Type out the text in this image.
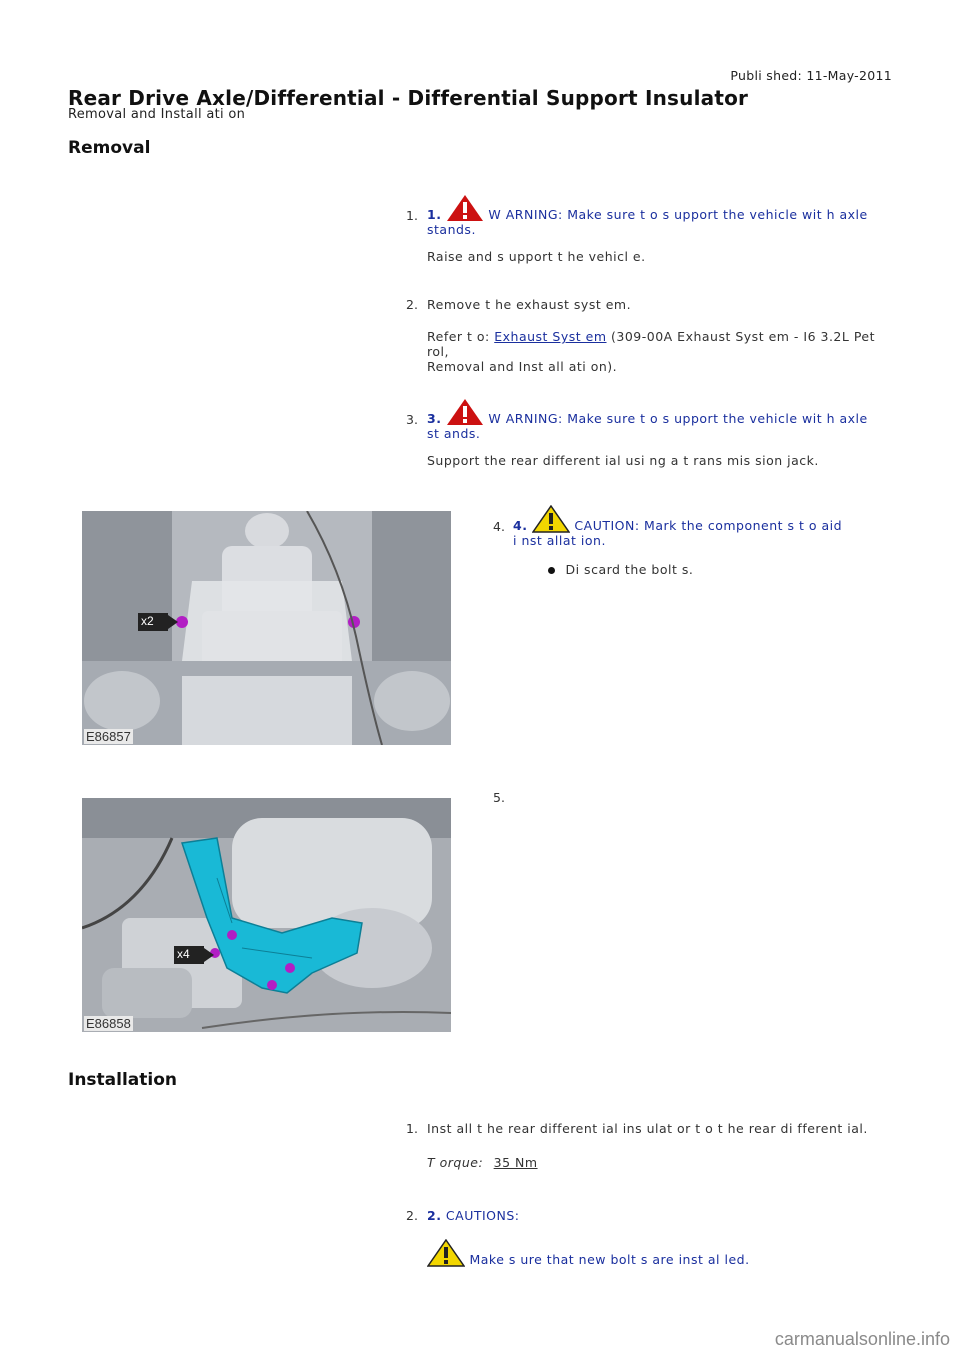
Publi shed: 11-May-2011
Rear Drive Axle/Differential - Differential Support Insulator
Removal and Install ati on
Removal
1. 1.	W ARNING: Make sure t o s upport the vehicle wit h axle
stands.
Raise and s upport t he vehicl e.
2. Remove t he exhaust syst em.
Refer t o: Exhaust Syst em (309-00A Exhaust Syst em - I6 3.2L Pet rol,
Removal and Inst all ati on).
3. 3.	W ARNING: Make sure t o s upport the vehicle wit h axle
st ands.
Support the rear different ial usi ng a t rans mis sion jack.
x2
E86857
4. 4.	CAUTION: Mark the component s t o aid
i nst allat ion.
Di scard the bolt s.
x4
E86858
5.
Installation
1. Inst all t he rear different ial ins ulat or t o t he rear di fferent ial.
T orque: 35 Nm
2. 2. CAUTIONS:
Make s ure that new bolt s are inst al led.
carmanualsonline.info
